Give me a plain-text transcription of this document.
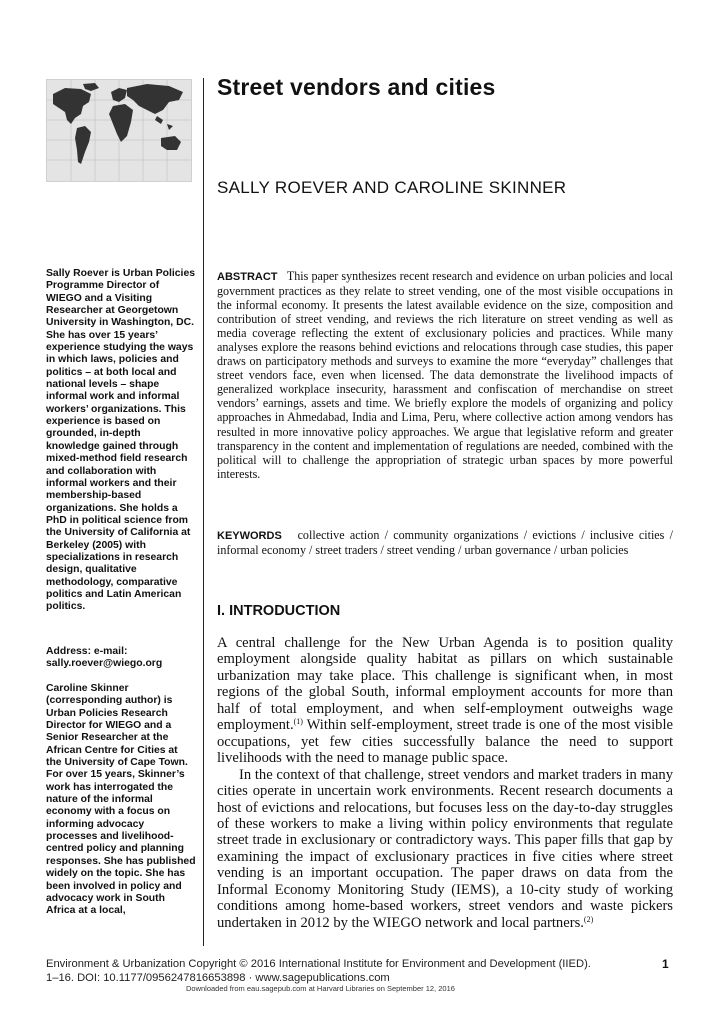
Street vendors and cities
SALLY ROEVER AND CAROLINE SKINNER

Sally Roever is Urban Policies Programme Director of WIEGO and a Visiting Researcher at Georgetown University in Washington, DC. She has over 15 years’ experience studying the ways in which laws, policies and politics – at both local and national levels – shape informal work and informal workers’ organizations. This experience is based on grounded, in-depth knowledge gained through mixed-method field research and collaboration with informal workers and their membership-based organizations. She holds a PhD in political science from the University of California at Berkeley (2005) with specializations in research design, qualitative methodology, comparative politics and Latin American politics.

Address: e-mail: sally.roever@wiego.org

Caroline Skinner (corresponding author) is Urban Policies Research Director for WIEGO and a Senior Researcher at the African Centre for Cities at the University of Cape Town. For over 15 years, Skinner’s work has interrogated the nature of the informal economy with a focus on informing advocacy processes and livelihood-centred policy and planning responses. She has published widely on the topic. She has been involved in policy and advocacy work in South Africa at a local,

ABSTRACT This paper synthesizes recent research and evidence on urban policies and local government practices as they relate to street vending, one of the most visible occupations in the informal economy. It presents the latest available evidence on the size, composition and contribution of street vending, and reviews the rich literature on street vending as well as media coverage reflecting the extent of exclusionary policies and practices. While many analyses explore the reasons behind evictions and relocations through case studies, this paper draws on participatory methods and surveys to examine the more “everyday” challenges that street vendors face, even when licensed. The data demonstrate the livelihood impacts of generalized workplace insecurity, harassment and confiscation of merchandise on street vendors’ earnings, assets and time. We briefly explore the models of organizing and policy approaches in Ahmedabad, India and Lima, Peru, where collective action among vendors has resulted in more innovative policy approaches. We argue that legislative reform and greater transparency in the content and implementation of regulations are needed, combined with the political will to challenge the appropriation of strategic urban spaces by more powerful interests.

KEYWORDS collective action / community organizations / evictions / inclusive cities / informal economy / street traders / street vending / urban governance / urban policies

I. INTRODUCTION

A central challenge for the New Urban Agenda is to position quality employment alongside quality habitat as pillars on which sustainable urbanization may take place. This challenge is significant when, in most regions of the global South, informal employment accounts for more than half of total employment, and when self-employment outweighs wage employment.$^{(1)}$ Within self-employment, street trade is one of the most visible occupations, yet few cities successfully balance the need to support livelihoods with the need to manage public space.

In the context of that challenge, street vendors and market traders in many cities operate in uncertain work environments. Recent research documents a host of evictions and relocations, but focuses less on the day-to-day struggles of these workers to make a living within policy environments that regulate street trade in exclusionary or contradictory ways. This paper fills that gap by examining the impact of exclusionary practices in five cities where street vending is an important occupation. The paper draws on data from the Informal Economy Monitoring Study (IEMS), a 10-city study of working conditions among home-based workers, street vendors and waste pickers undertaken in 2012 by the WIEGO network and local partners.$^{(2)}$

Environment & Urbanization Copyright © 2016 International Institute for Environment and Development (IIED).
1–16. DOI: 10.1177/0956247816653898 · www.sagepublications.com
Downloaded from eau.sagepub.com at Harvard Libraries on September 12, 2016
1
